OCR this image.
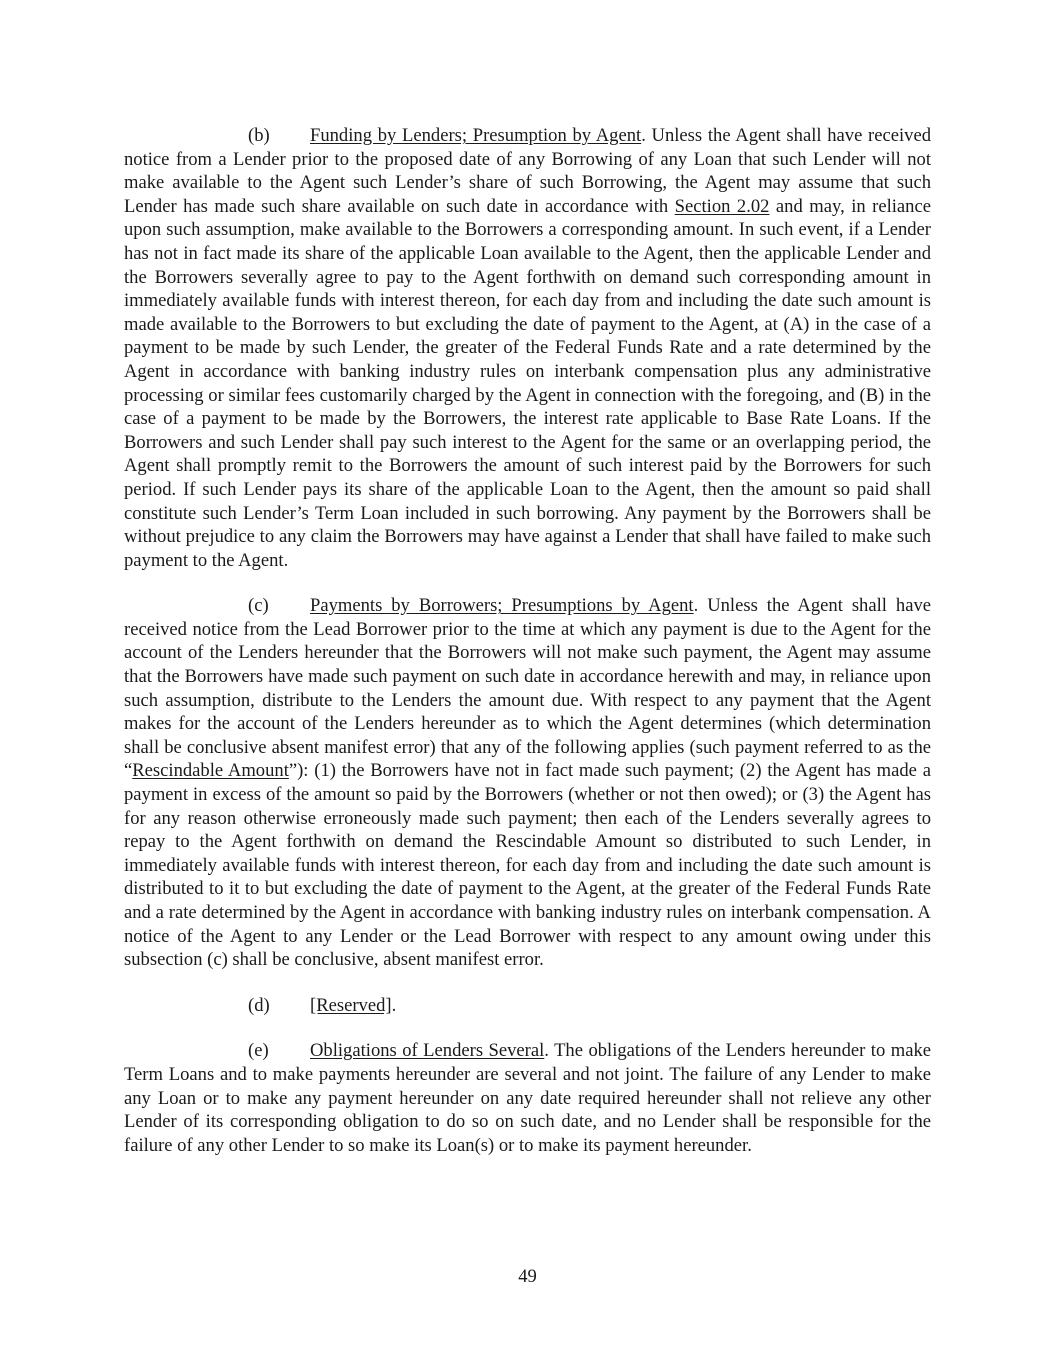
(b) Funding by Lenders; Presumption by Agent. Unless the Agent shall have received notice from a Lender prior to the proposed date of any Borrowing of any Loan that such Lender will not make available to the Agent such Lender’s share of such Borrowing, the Agent may assume that such Lender has made such share available on such date in accordance with Section 2.02 and may, in reliance upon such assumption, make available to the Borrowers a corresponding amount. In such event, if a Lender has not in fact made its share of the applicable Loan available to the Agent, then the applicable Lender and the Borrowers severally agree to pay to the Agent forthwith on demand such corresponding amount in immediately available funds with interest thereon, for each day from and including the date such amount is made available to the Borrowers to but excluding the date of payment to the Agent, at (A) in the case of a payment to be made by such Lender, the greater of the Federal Funds Rate and a rate determined by the Agent in accordance with banking industry rules on interbank compensation plus any administrative processing or similar fees customarily charged by the Agent in connection with the foregoing, and (B) in the case of a payment to be made by the Borrowers, the interest rate applicable to Base Rate Loans. If the Borrowers and such Lender shall pay such interest to the Agent for the same or an overlapping period, the Agent shall promptly remit to the Borrowers the amount of such interest paid by the Borrowers for such period. If such Lender pays its share of the applicable Loan to the Agent, then the amount so paid shall constitute such Lender’s Term Loan included in such borrowing. Any payment by the Borrowers shall be without prejudice to any claim the Borrowers may have against a Lender that shall have failed to make such payment to the Agent.

(c) Payments by Borrowers; Presumptions by Agent. Unless the Agent shall have received notice from the Lead Borrower prior to the time at which any payment is due to the Agent for the account of the Lenders hereunder that the Borrowers will not make such payment, the Agent may assume that the Borrowers have made such payment on such date in accordance herewith and may, in reliance upon such assumption, distribute to the Lenders the amount due. With respect to any payment that the Agent makes for the account of the Lenders hereunder as to which the Agent determines (which determination shall be conclusive absent manifest error) that any of the following applies (such payment referred to as the “Rescindable Amount”): (1) the Borrowers have not in fact made such payment; (2) the Agent has made a payment in excess of the amount so paid by the Borrowers (whether or not then owed); or (3) the Agent has for any reason otherwise erroneously made such payment; then each of the Lenders severally agrees to repay to the Agent forthwith on demand the Rescindable Amount so distributed to such Lender, in immediately available funds with interest thereon, for each day from and including the date such amount is distributed to it to but excluding the date of payment to the Agent, at the greater of the Federal Funds Rate and a rate determined by the Agent in accordance with banking industry rules on interbank compensation. A notice of the Agent to any Lender or the Lead Borrower with respect to any amount owing under this subsection (c) shall be conclusive, absent manifest error.

(d) [Reserved].

(e) Obligations of Lenders Several. The obligations of the Lenders hereunder to make Term Loans and to make payments hereunder are several and not joint. The failure of any Lender to make any Loan or to make any payment hereunder on any date required hereunder shall not relieve any other Lender of its corresponding obligation to do so on such date, and no Lender shall be responsible for the failure of any other Lender to so make its Loan(s) or to make its payment hereunder.

49
